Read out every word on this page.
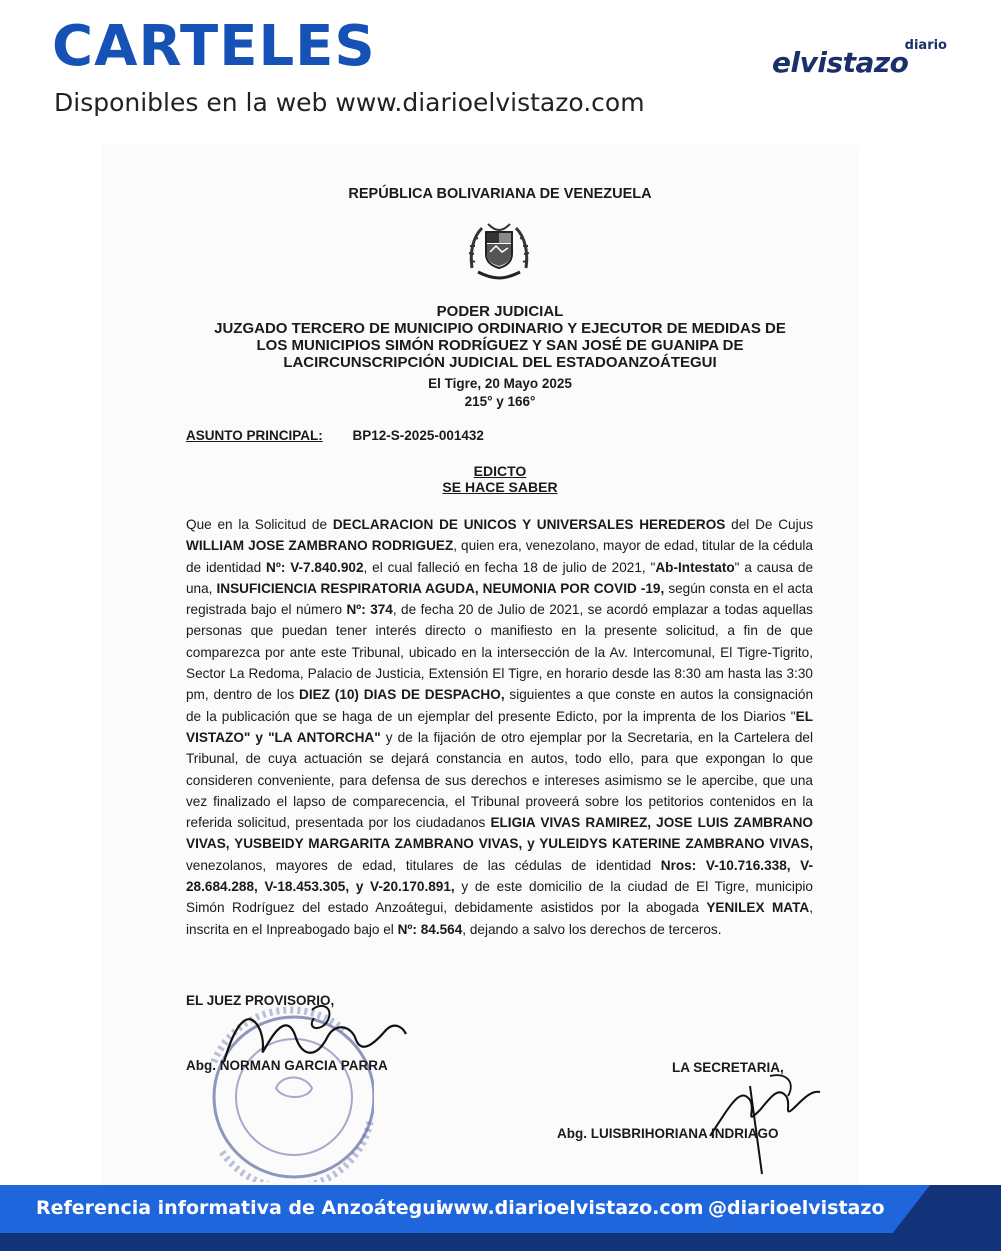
CARTELES
Disponibles en la web www.diarioelvistazo.com
diario
elvistazo
REPÚBLICA BOLIVARIANA DE VENEZUELA
PODER JUDICIAL
JUZGADO TERCERO DE MUNICIPIO ORDINARIO Y EJECUTOR DE MEDIDAS DE
LOS MUNICIPIOS SIMÓN RODRÍGUEZ Y SAN JOSÉ DE GUANIPA DE
LACIRCUNSCRIPCIÓN JUDICIAL DEL ESTADOANZOÁTEGUI
El Tigre, 20 Mayo 2025
215° y 166°
ASUNTO PRINCIPAL: BP12-S-2025-001432
EDICTO
SE HACE SABER
Que en la Solicitud de DECLARACION DE UNICOS Y UNIVERSALES HEREDEROS del De Cujus WILLIAM JOSE ZAMBRANO RODRIGUEZ, quien era, venezolano, mayor de edad, titular de la cédula de identidad Nº: V-7.840.902, el cual falleció en fecha 18 de julio de 2021, "Ab-Intestato" a causa de una, INSUFICIENCIA RESPIRATORIA AGUDA, NEUMONIA POR COVID -19, según consta en el acta registrada bajo el número Nº: 374, de fecha 20 de Julio de 2021, se acordó emplazar a todas aquellas personas que puedan tener interés directo o manifiesto en la presente solicitud, a fin de que comparezca por ante este Tribunal, ubicado en la intersección de la Av. Intercomunal, El Tigre-Tigrito, Sector La Redoma, Palacio de Justicia, Extensión El Tigre, en horario desde las 8:30 am hasta las 3:30 pm, dentro de los DIEZ (10) DIAS DE DESPACHO, siguientes a que conste en autos la consignación de la publicación que se haga de un ejemplar del presente Edicto, por la imprenta de los Diarios "EL VISTAZO" y "LA ANTORCHA" y de la fijación de otro ejemplar por la Secretaria, en la Cartelera del Tribunal, de cuya actuación se dejará constancia en autos, todo ello, para que expongan lo que consideren conveniente, para defensa de sus derechos e intereses asimismo se le apercibe, que una vez finalizado el lapso de comparecencia, el Tribunal proveerá sobre los petitorios contenidos en la referida solicitud, presentada por los ciudadanos ELIGIA VIVAS RAMIREZ, JOSE LUIS ZAMBRANO VIVAS, YUSBEIDY MARGARITA ZAMBRANO VIVAS, y YULEIDYS KATERINE ZAMBRANO VIVAS, venezolanos, mayores de edad, titulares de las cédulas de identidad Nros: V-10.716.338, V-28.684.288, V-18.453.305, y V-20.170.891, y de este domicilio de la ciudad de El Tigre, municipio Simón Rodríguez del estado Anzoátegui, debidamente asistidos por la abogada YENILEX MATA, inscrita en el Inpreabogado bajo el Nº: 84.564, dejando a salvo los derechos de terceros.
EL JUEZ PROVISORIO,
Abg. NORMAN GARCIA PARRA	LA SECRETARIA,
Abg. LUISBRIHORIANA INDRIAGO
Referencia informativa de Anzoátegui
www.diarioelvistazo.com @diarioelvistazo
